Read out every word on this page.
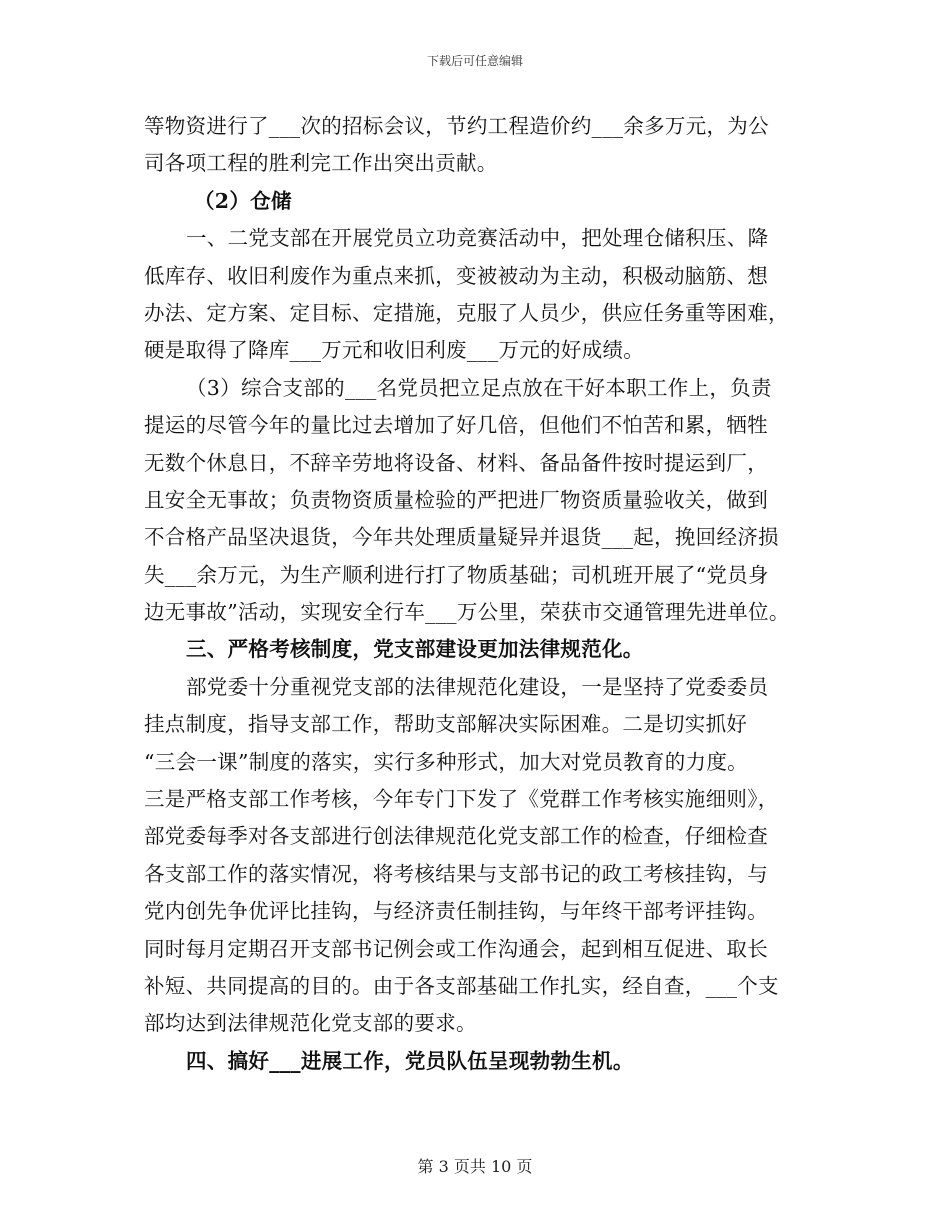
下载后可任意编辑
等物资进行了___次的招标会议，节约工程造价约___余多万元，为公
司各项工程的胜利完工作出突出贡献。
（2）仓储
一、二党支部在开展党员立功竞赛活动中，把处理仓储积压、降
低库存、收旧利废作为重点来抓，变被被动为主动，积极动脑筋、想
办法、定方案、定目标、定措施，克服了人员少，供应任务重等困难，
硬是取得了降库___万元和收旧利废___万元的好成绩。
（3）综合支部的___名党员把立足点放在干好本职工作上，负责
提运的尽管今年的量比过去增加了好几倍，但他们不怕苦和累，牺牲
无数个休息日，不辞辛劳地将设备、材料、备品备件按时提运到厂，
且安全无事故；负责物资质量检验的严把进厂物资质量验收关，做到
不合格产品坚决退货，今年共处理质量疑异并退货___起，挽回经济损
失___余万元，为生产顺利进行打了物质基础；司机班开展了“党员身
边无事故”活动，实现安全行车___万公里，荣获市交通管理先进单位。
三、严格考核制度，党支部建设更加法律规范化。
部党委十分重视党支部的法律规范化建设，一是坚持了党委委员
挂点制度，指导支部工作，帮助支部解决实际困难。二是切实抓好
“三会一课”制度的落实，实行多种形式，加大对党员教育的力度。
三是严格支部工作考核，今年专门下发了《党群工作考核实施细则》，
部党委每季对各支部进行创法律规范化党支部工作的检查，仔细检查
各支部工作的落实情况，将考核结果与支部书记的政工考核挂钩，与
党内创先争优评比挂钩，与经济责任制挂钩，与年终干部考评挂钩。
同时每月定期召开支部书记例会或工作沟通会，起到相互促进、取长
补短、共同提高的目的。由于各支部基础工作扎实，经自查，___个支
部均达到法律规范化党支部的要求。
四、搞好___进展工作，党员队伍呈现勃勃生机。
第 3 页共 10 页
